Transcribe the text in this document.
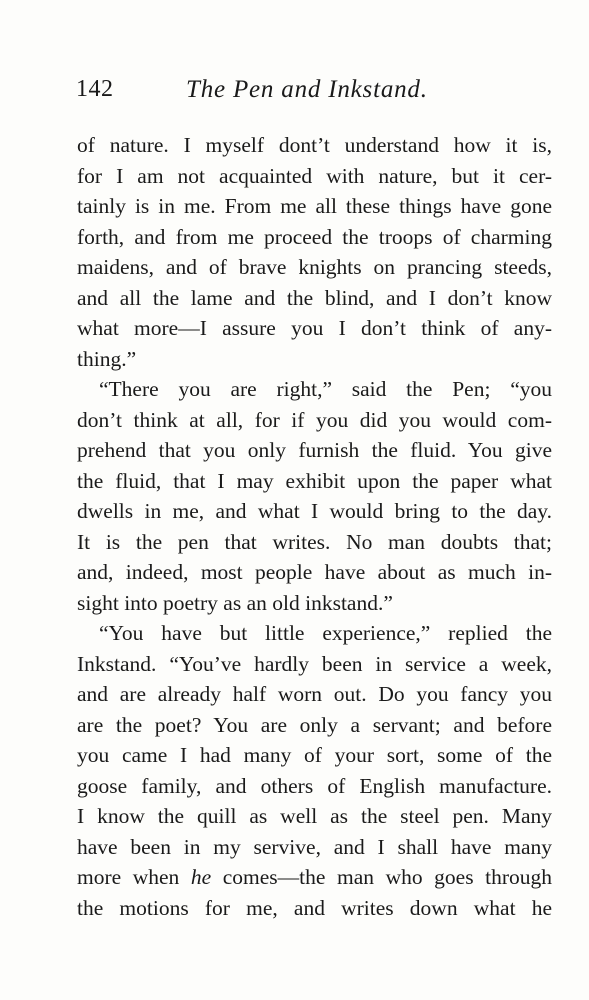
142	The Pen and Inkstand.
of nature. I myself dont’t understand how it is,
for I am not acquainted with nature, but it cer-
tainly is in me. From me all these things have gone
forth, and from me proceed the troops of charming
maidens, and of brave knights on prancing steeds,
and all the lame and the blind, and I don’t know
what more—I assure you I don’t think of any-
thing.”
“There you are right,” said the Pen; “you
don’t think at all, for if you did you would com-
prehend that you only furnish the fluid. You give
the fluid, that I may exhibit upon the paper what
dwells in me, and what I would bring to the day.
It is the pen that writes. No man doubts that;
and, indeed, most people have about as much in-
sight into poetry as an old inkstand.”
“You have but little experience,” replied the
Inkstand. “You’ve hardly been in service a week,
and are already half worn out. Do you fancy you
are the poet? You are only a servant; and before
you came I had many of your sort, some of the
goose family, and others of English manufacture.
I know the quill as well as the steel pen. Many
have been in my servive, and I shall have many
more when he comes—the man who goes through
the motions for me, and writes down what he
